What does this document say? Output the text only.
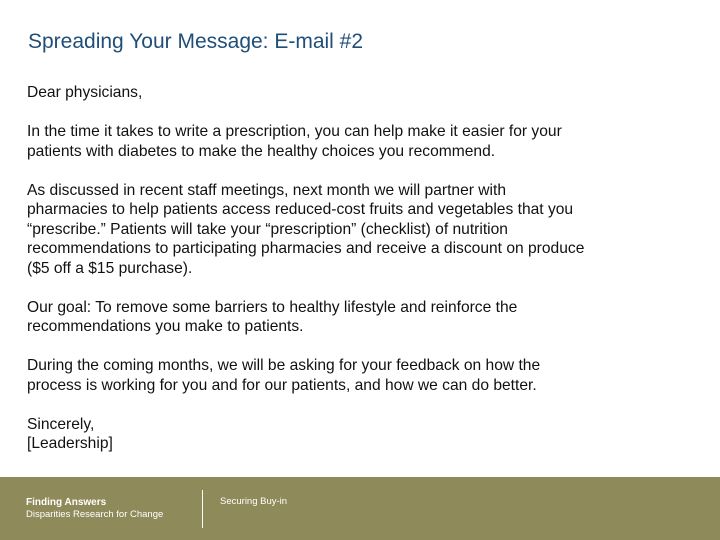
Spreading Your Message: E-mail #2
Dear physicians,
In the time it takes to write a prescription, you can help make it easier for your
patients with diabetes to make the healthy choices you recommend.
As discussed in recent staff meetings, next month we will partner with
pharmacies to help patients access reduced-cost fruits and vegetables that you
“prescribe.” Patients will take your “prescription” (checklist) of nutrition
recommendations to participating pharmacies and receive a discount on produce
($5 off a $15 purchase).
Our goal: To remove some barriers to healthy lifestyle and reinforce the
recommendations you make to patients.
During the coming months, we will be asking for your feedback on how the
process is working for you and for our patients, and how we can do better.
Sincerely,
[Leadership]
Finding Answers
Disparities Research for Change
Securing Buy-in
